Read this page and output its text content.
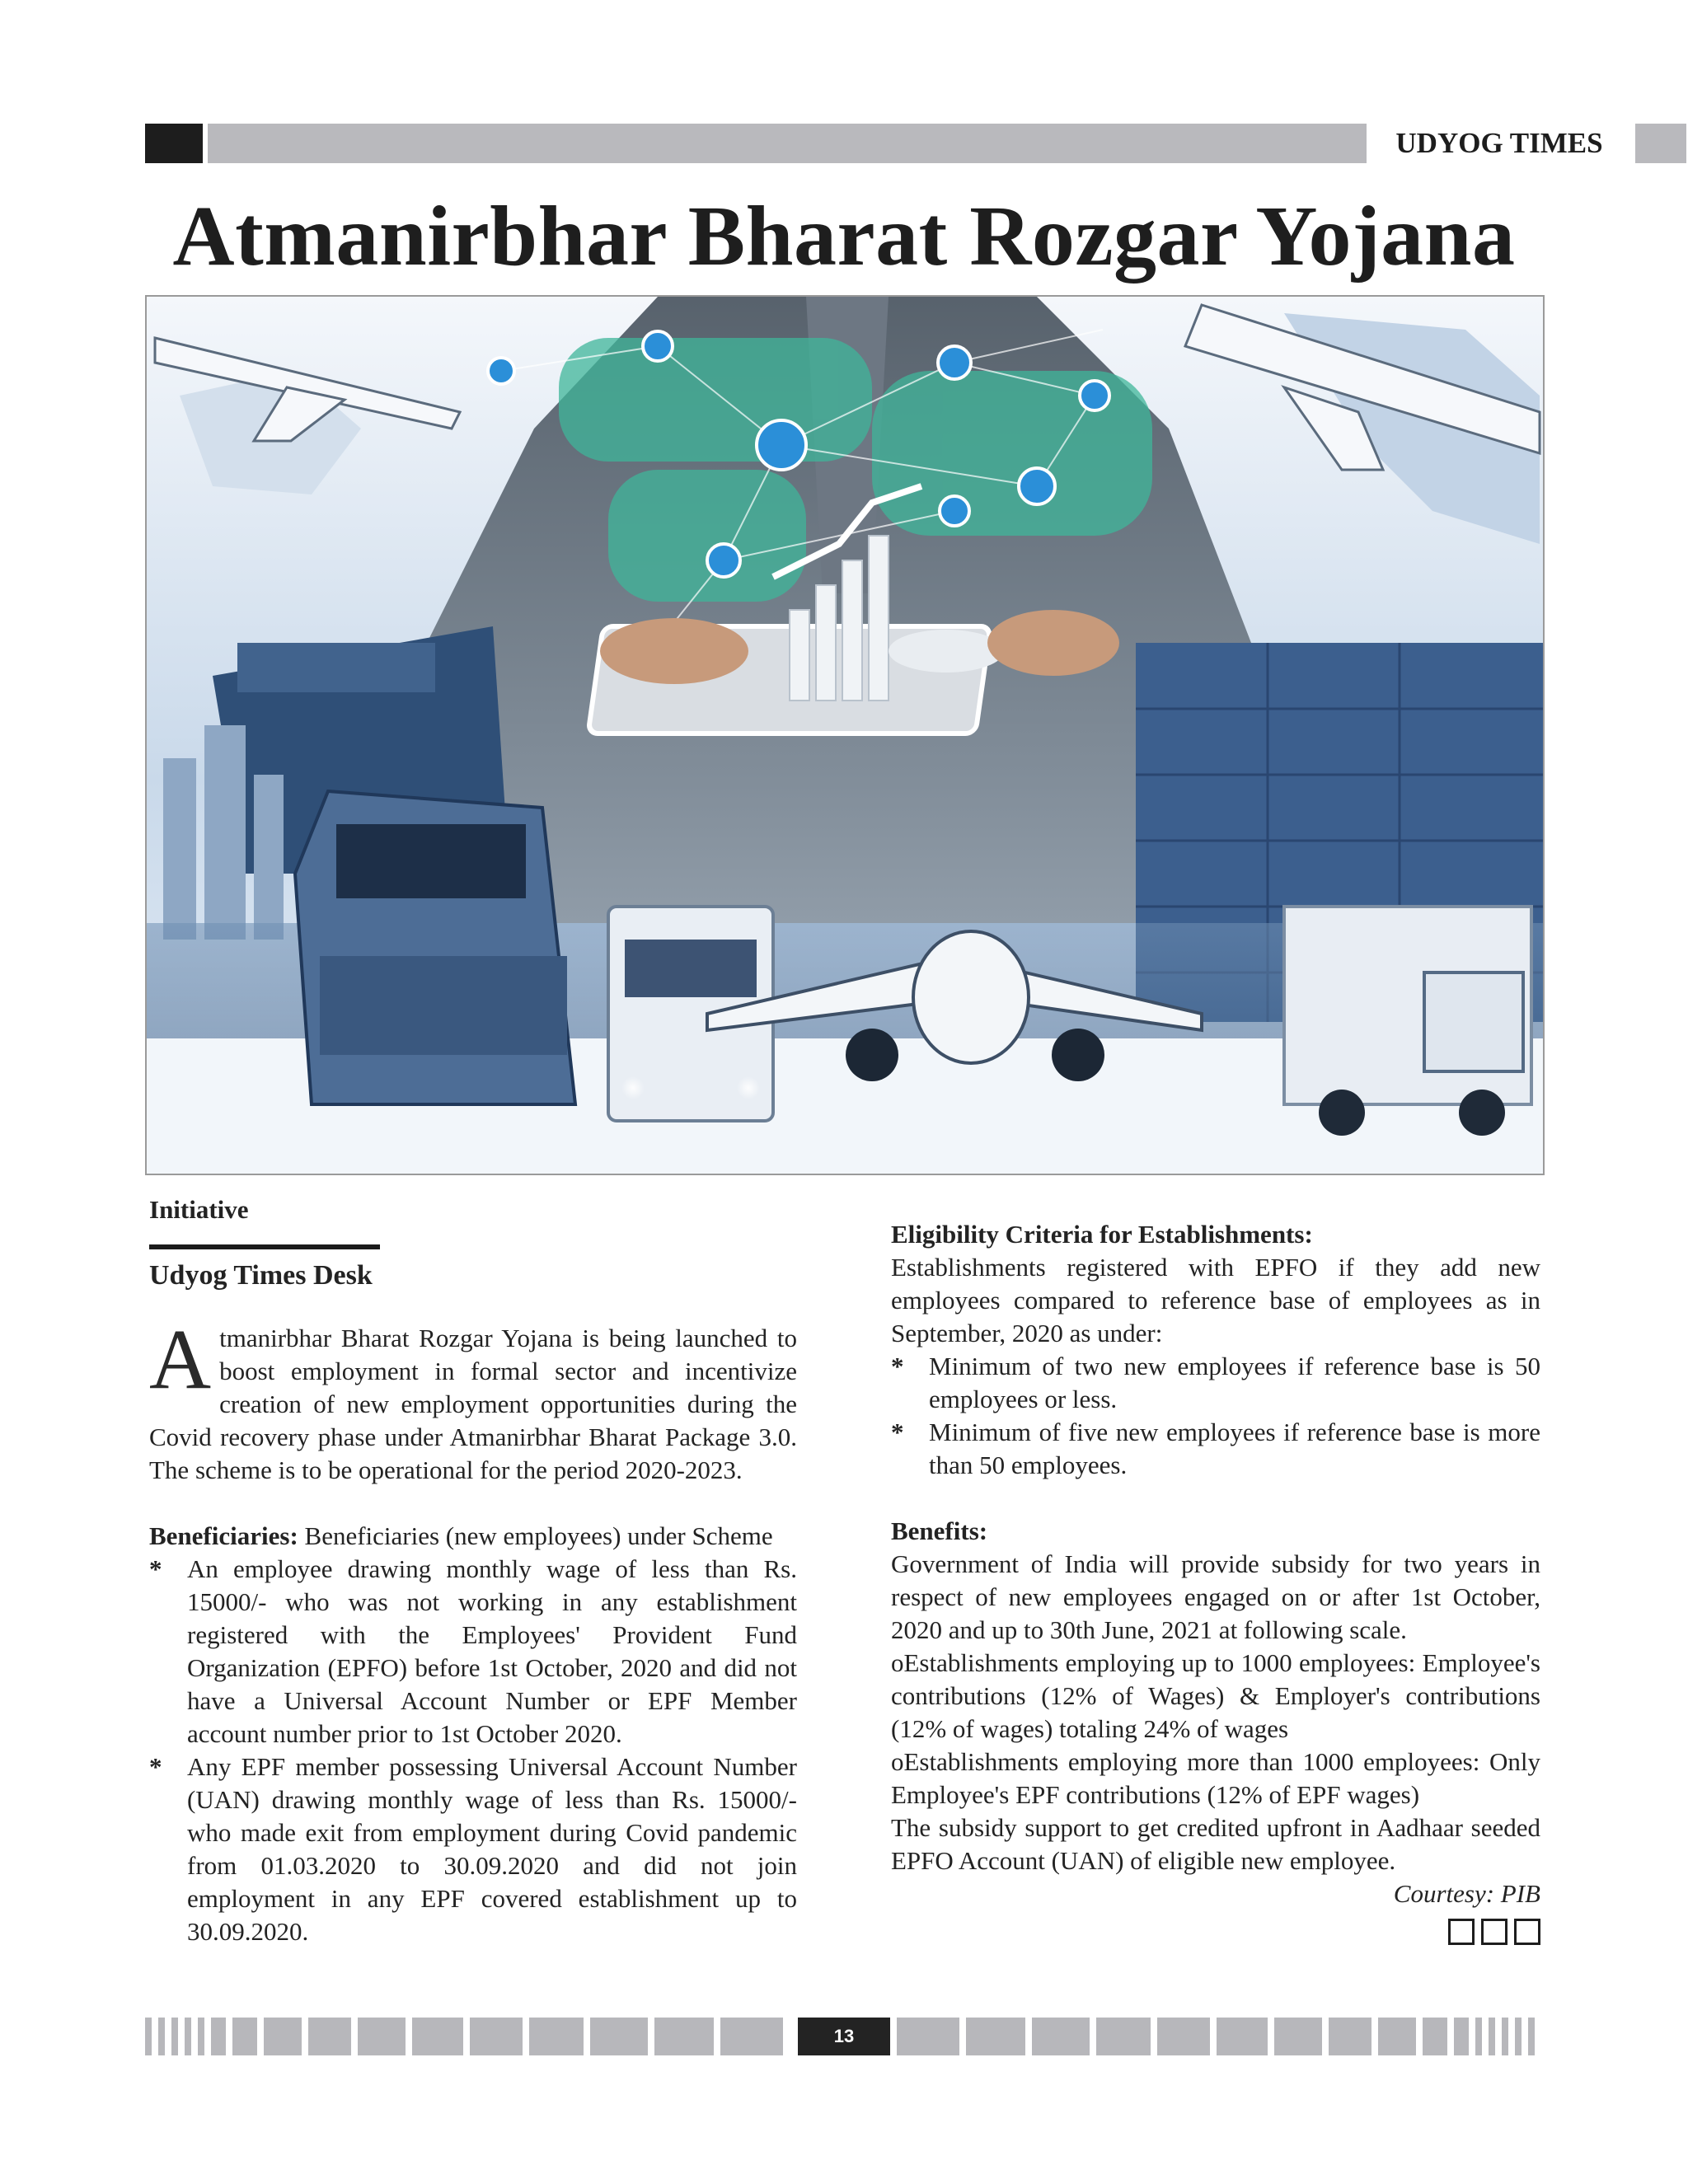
UDYOG TIMES
Atmanirbhar Bharat Rozgar Yojana

Initiative

Udyog Times Desk

Atmanirbhar Bharat Rozgar Yojana is being launched to boost employment in formal sector and incentivize creation of new employment opportunities during the Covid recovery phase under Atmanirbhar Bharat Package 3.0. The scheme is to be operational for the period 2020-2023.

Beneficiaries: Beneficiaries (new employees) under Scheme

* An employee drawing monthly wage of less than Rs. 15000/- who was not working in any establishment registered with the Employees' Provident Fund Organization (EPFO) before 1st October, 2020 and did not have a Universal Account Number or EPF Member account number prior to 1st October 2020.
* Any EPF member possessing Universal Account Number (UAN) drawing monthly wage of less than Rs. 15000/- who made exit from employment during Covid pandemic from 01.03.2020 to 30.09.2020 and did not join employment in any EPF covered establishment up to 30.09.2020.

Eligibility Criteria for Establishments:

Establishments registered with EPFO if they add new employees compared to reference base of employees as in September, 2020 as under:

* Minimum of two new employees if reference base is 50 employees or less.
* Minimum of five new employees if reference base is more than 50 employees.

Benefits:

Government of India will provide subsidy for two years in respect of new employees engaged on or after 1st October, 2020 and up to 30th June, 2021 at following scale.

oEstablishments employing up to 1000 employees: Employee's contributions (12% of Wages) & Employer's contributions (12% of wages) totaling 24% of wages

oEstablishments employing more than 1000 employees: Only Employee's EPF contributions (12% of EPF wages)

The subsidy support to get credited upfront in Aadhaar seeded EPFO Account (UAN) of eligible new employee.

Courtesy: PIB

13
